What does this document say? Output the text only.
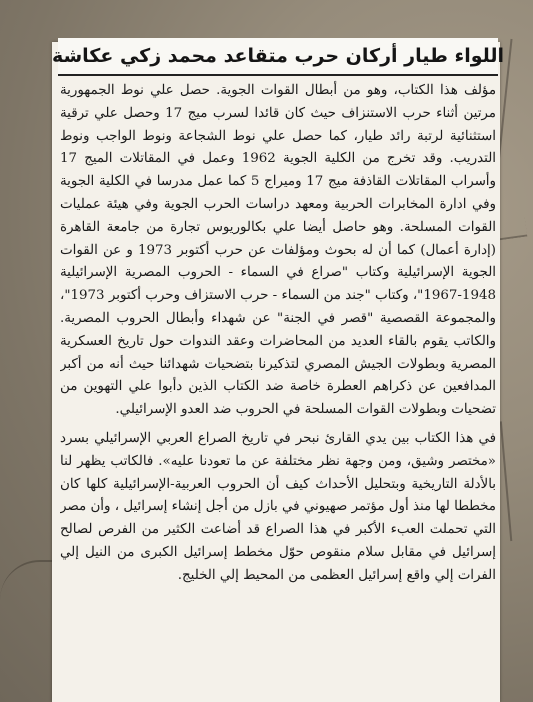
اللواء طيار أركان حرب متقاعد محمد زكي عكاشة

مؤلف هذا الكتاب، وهو من أبطال القوات الجوية. حصل علي نوط الجمهورية مرتين أثناء حرب الاستنزاف حيث كان قائدا لسرب ميج 17 وحصل علي ترقية استثنائية لرتبة رائد طيار، كما حصل علي نوط الشجاعة ونوط الواجب ونوط التدريب. وقد تخرج من الكلية الجوية 1962 وعمل في المقاتلات الميج 17 وأسراب المقاتلات القاذفة ميج 17 وميراج 5 كما عمل مدرسا في الكلية الجوية وفي ادارة المخابرات الحربية ومعهد دراسات الحرب الجوية وفي هيئة عمليات القوات المسلحة. وهو حاصل أيضا علي بكالوريوس تجارة من جامعة القاهرة (إدارة أعمال) كما أن له بحوث ومؤلفات عن حرب أكتوبر 1973 و عن القوات الجوية الإسرائيلية وكتاب "صراع في السماء - الحروب المصرية الإسرائيلية 1948-1967"، وكتاب "جند من السماء - حرب الاستزاف وحرب أكتوبر 1973"، والمجموعة القصصية "قصر في الجنة" عن شهداء وأبطال الحروب المصرية. والكاتب يقوم بالقاء العديد من المحاضرات وعقد الندوات حول تاريخ العسكرية المصرية وبطولات الجيش المصري لتذكيرنا بتضحيات شهدائنا حيث أنه من أكبر المدافعين عن ذكراهم العطرة خاصة ضد الكتاب الذين دأبوا علي التهوين من تضحيات وبطولات القوات المسلحة في الحروب ضد العدو الإسرائيلي.

في هذا الكتاب بين يدي القارئ نبحر في تاريخ الصراع العربي الإسرائيلي بسرد «مختصر وشيق، ومن وجهة نظر مختلفة عن ما تعودنا عليه». فالكاتب يظهر لنا بالأدلة التاريخية وبتحليل الأحداث كيف أن الحروب العربية-الإسرائيلية كلها كان مخططا لها منذ أول مؤتمر صهيوني في بازل من أجل إنشاء إسرائيل ، وأن مصر التي تحملت العبء الأكبر في هذا الصراع قد أضاعت الكثير من الفرص لصالح إسرائيل في مقابل سلام منقوص حوّل مخطط إسرائيل الكبرى من النيل إلي الفرات إلي واقع إسرائيل العظمى من المحيط إلي الخليج.
